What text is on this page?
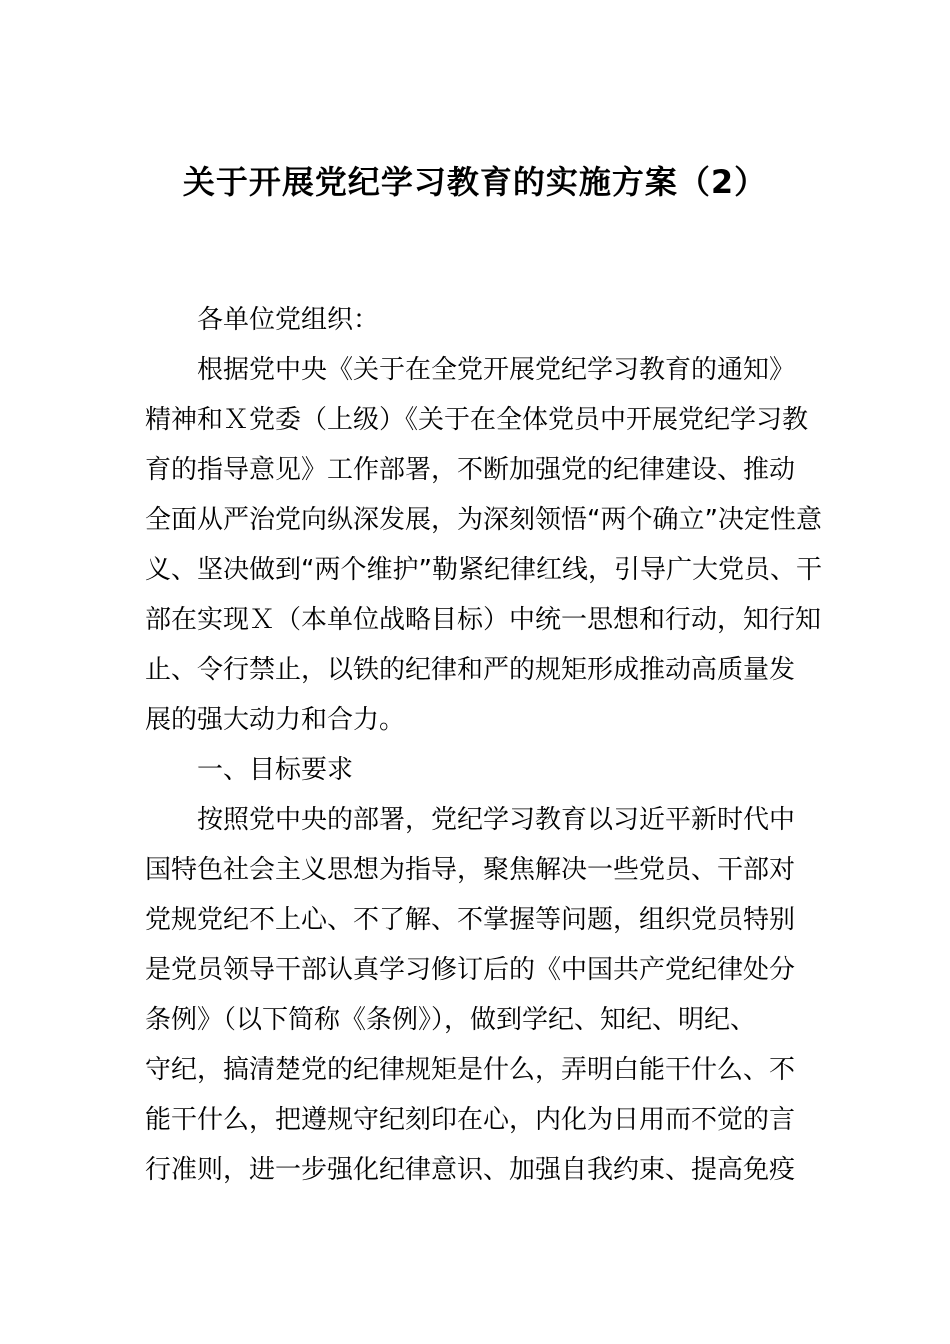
关于开展党纪学习教育的实施方案（2）

各单位党组织：

根据党中央《关于在全党开展党纪学习教育的通知》

精神和Ｘ党委（上级）《关于在全体党员中开展党纪学习教

育的指导意见》工作部署，不断加强党的纪律建设、推动

全面从严治党向纵深发展，为深刻领悟“两个确立”决定性意

义、坚决做到“两个维护”勒紧纪律红线，引导广大党员、干

部在实现Ｘ（本单位战略目标）中统一思想和行动，知行知

止、令行禁止，以铁的纪律和严的规矩形成推动高质量发

展的强大动力和合力。

一、目标要求

按照党中央的部署，党纪学习教育以习近平新时代中

国特色社会主义思想为指导，聚焦解决一些党员、干部对

党规党纪不上心、不了解、不掌握等问题，组织党员特别

是党员领导干部认真学习修订后的《中国共产党纪律处分

条例》（以下简称《条例》），做到学纪、知纪、明纪、

守纪，搞清楚党的纪律规矩是什么，弄明白能干什么、不

能干什么，把遵规守纪刻印在心，内化为日用而不觉的言

行准则，进一步强化纪律意识、加强自我约束、提高免疫
